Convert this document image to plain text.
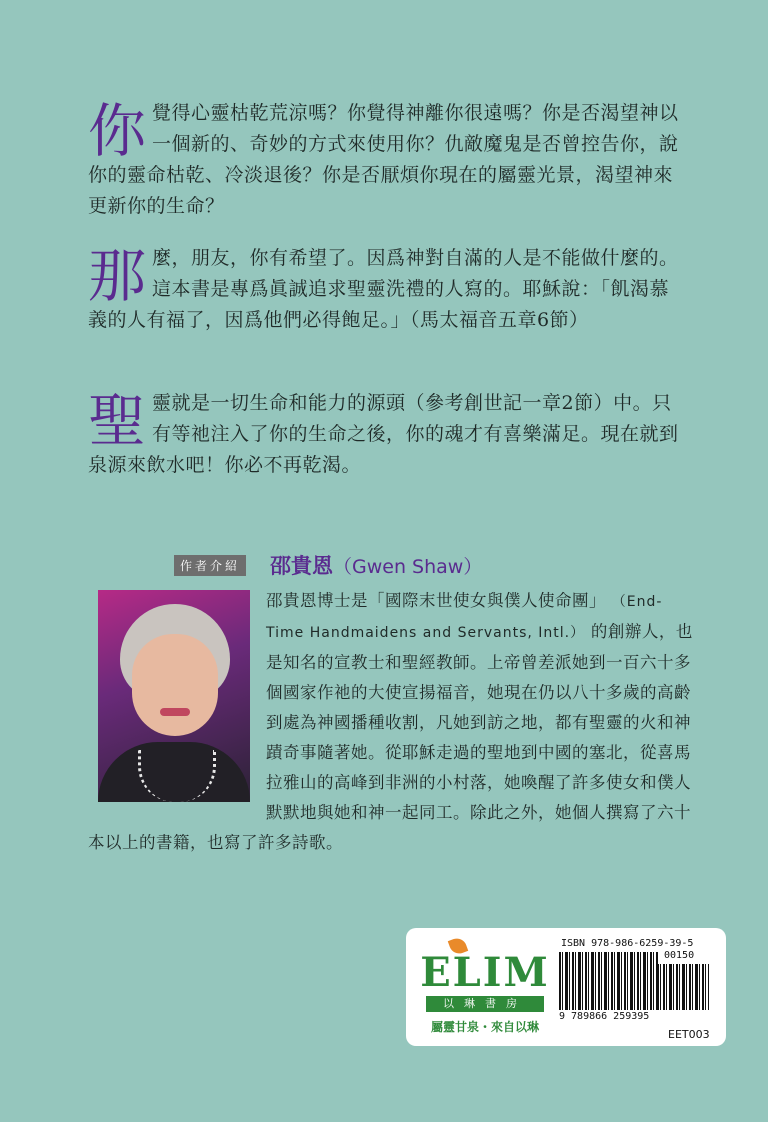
你 覺得心靈枯乾荒涼嗎？你覺得神離你很遠嗎？你是否渴望神以一個新的、奇妙的方式來使用你？仇敵魔鬼是否曾控告你，說你的靈命枯乾、冷淡退後？你是否厭煩你現在的屬靈光景，渴望神來更新你的生命？
那 麼，朋友，你有希望了。因爲神對自滿的人是不能做什麼的。這本書是專爲眞誠追求聖靈洗禮的人寫的。耶穌說：「飢渴慕義的人有福了，因爲他們必得飽足。」（馬太福音五章6節）
聖 靈就是一切生命和能力的源頭（參考創世記一章2節）中。只有等祂注入了你的生命之後，你的魂才有喜樂滿足。現在就到泉源來飲水吧！你必不再乾渴。
作者介紹 邵貴恩（Gwen Shaw）
邵貴恩博士是「國際末世使女與僕人使命團」 （End-Time Handmaidens and Servants, Intl.） 的創辦人，也是知名的宣教士和聖經教師。上帝曾差派她到一百六十多個國家作祂的大使宣揚福音，她現在仍以八十多歲的高齡到處為神國播種收割，凡她到訪之地，都有聖靈的火和神蹟奇事隨著她。從耶穌走過的聖地到中國的塞北，從喜馬拉雅山的高峰到非洲的小村落，她喚醒了許多使女和僕人默默地與她和神一起同工。除此之外，她個人撰寫了六十本以上的書籍，也寫了許多詩歌。
ELIM
以琳書房
屬靈甘泉・來自以琳
ISBN 978-986-6259-39-5
00150
9 789866 259395
EET003
